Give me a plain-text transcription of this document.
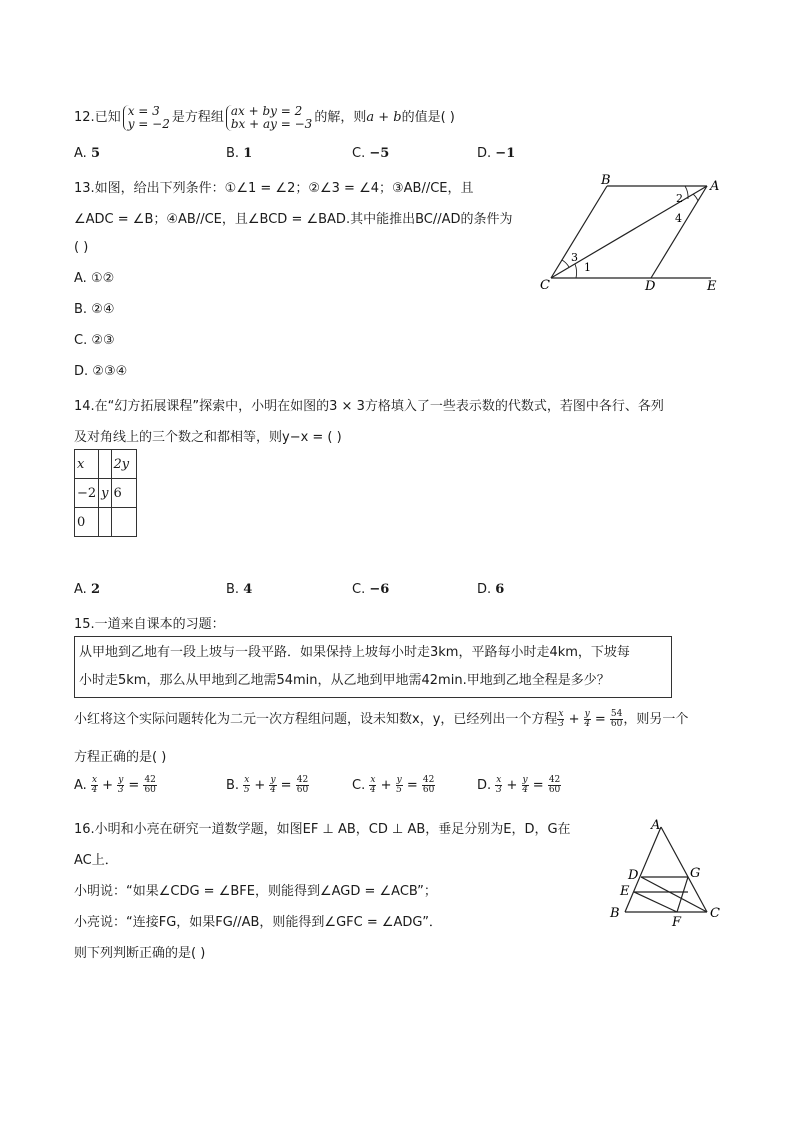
12.已知 x = 3
y = −2 是方程组 ax + by = 2
bx + ay = −3 的解，则a + b的值是( )
A. 5	B. 1	C. −5	D. −1
13.如图，给出下列条件：①∠1 = ∠2；②∠3 = ∠4；③AB//CE，且
∠ADC = ∠B；④AB//CE，且∠BCD = ∠BAD.其中能推出BC//AD的条件为
( )
A. ①②
B. ②④
C. ②③
D. ②③④
B	A
C	D	E
2
4
3
1
14.在“幻方拓展课程”探索中，小明在如图的3 × 3方格填入了一些表示数的代数式，若图中各行、各列
及对角线上的三个数之和都相等，则y−x = ( )
x		2y
−2	y	6
0		
A. 2	B. 4	C. −6	D. 6
15.一道来自课本的习题：
从甲地到乙地有一段上坡与一段平路．如果保持上坡每小时走3km，平路每小时走4km，下坡每
小时走5km，那么从甲地到乙地需54min，从乙地到甲地需42min.甲地到乙地全程是多少？
小红将这个实际问题转化为二元一次方程组问题，设未知数x，y，已经列出一个方程 $\frac{x}{3} + \frac{y}{4} = \frac{54}{60}$ ，则另一个
方程正确的是( )
A. $\frac{x}{4} + \frac{y}{3} = \frac{42}{60}$	B. $\frac{x}{5} + \frac{y}{4} = \frac{42}{60}$	C. $\frac{x}{4} + \frac{y}{5} = \frac{42}{60}$	D. $\frac{x}{3} + \frac{y}{4} = \frac{42}{60}$
16.小明和小亮在研究一道数学题，如图EF ⊥ AB，CD ⊥ AB，垂足分别为E，D，G在
AC上．
小明说：“如果∠CDG = ∠BFE，则能得到∠AGD = ∠ACB”；
小亮说：“连接FG，如果FG//AB，则能得到∠GFC = ∠ADG”．
则下列判断正确的是( )
A
D	G
E
B
F
C
